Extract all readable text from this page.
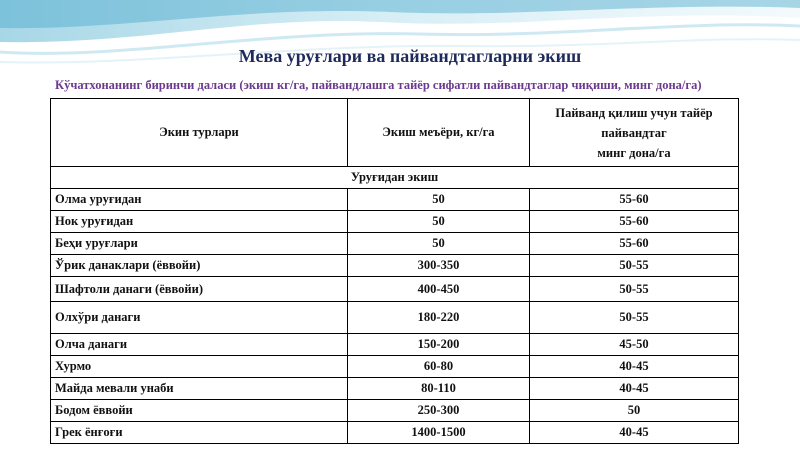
Мева уруғлари ва пайвандтагларни экиш
Кўчатхонанинг биринчи даласи (экиш кг/га, пайвандлашга тайёр сифатли пайвандтаглар чиқиши, минг дона/га)
Экин турлари	Экиш меъёри, кг/га	Пайванд қилиш учун тайёр
пайвандтаг
минг дона/га

Уруғидан экиш		
Олма уруғидан	50	55-60
Нок уруғидан	50	55-60
Беҳи уруғлари	50	55-60
Ўрик данаклари (ёввойи)	300-350	50-55
Шафтоли данаги (ёввойи)	400-450	50-55
Олхўри данаги	180-220	50-55
Олча данаги	150-200	45-50
Хурмо	60-80	40-45
Майда мевали унаби	80-110	40-45
Бодом ёввойи	250-300	50
Грек ёнғоғи	1400-1500	40-45
